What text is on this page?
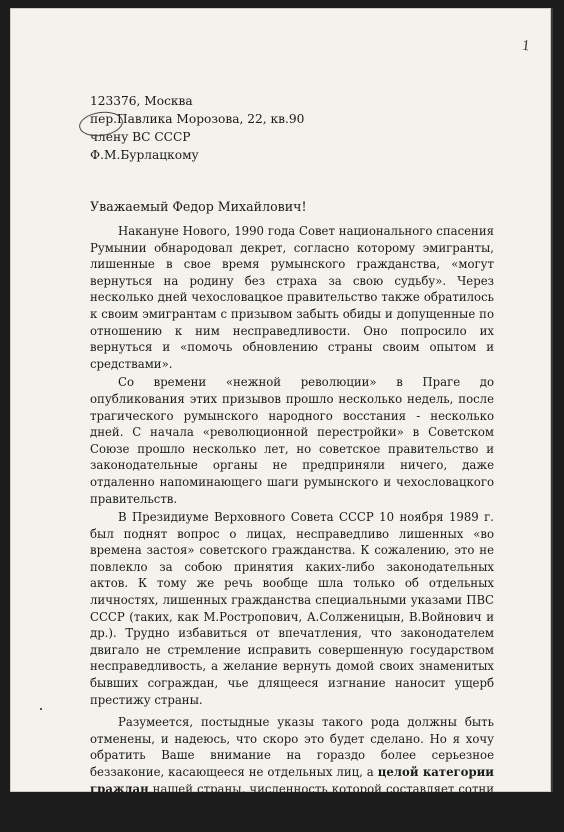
1
123376, Москва
пер.Павлика Морозова, 22, кв.90
члену ВС СССР
Ф.М.Бурлацкому
Уважаемый Федор Михайлович!

Накануне Нового, 1990 года Совет национального спасения Румынии обнародовал декрет, согласно которому эмигранты, лишенные в свое время румынского гражданства, «могут вернуться на родину без страха за свою судьбу». Через несколько дней чехословацкое правительство также обратилось к своим эмигрантам с призывом забыть обиды и допущенные по отношению к ним несправедливости. Оно попросило их вернуться и «помочь обновлению страны своим опытом и средствами».

Со времени «нежной революции» в Праге до опубликования этих призывов прошло несколько недель, после трагического румынского народного восстания - несколько дней. С начала «революционной перестройки» в Советском Союзе прошло несколько лет, но советское правительство и законодательные органы не предприняли ничего, даже отдаленно напоминающего шаги румынского и чехословацкого правительств.

В Президиуме Верховного Совета СССР 10 ноября 1989 г. был поднят вопрос о лицах, несправедливо лишенных «во времена застоя» советского гражданства. К сожалению, это не повлекло за собою принятия каких-либо законодательных актов. К тому же речь вообще шла только об отдельных личностях, лишенных гражданства специальными указами ПВС СССР (таких, как М.Ростропович, А.Солженицын, В.Войнович и др.). Трудно избавиться от впечатления, что законодателем двигало не стремление исправить совершенную государством несправедливость, а желание вернуть домой своих знаменитых бывших сограждан, чье длящееся изгнание наносит ущерб престижу страны.

Разумеется, постыдные указы такого рода должны быть отменены, и надеюсь, что скоро это будет сделано. Но я хочу обратить Ваше внимание на гораздо более серьезное беззаконие, касающееся не отдельных лиц, а целой категории граждан нашей страны, численность которой составляет сотни тысяч человек (по разным оценкам - от 200 до 400 тысяч, точные цифры пока не обнародованы).
